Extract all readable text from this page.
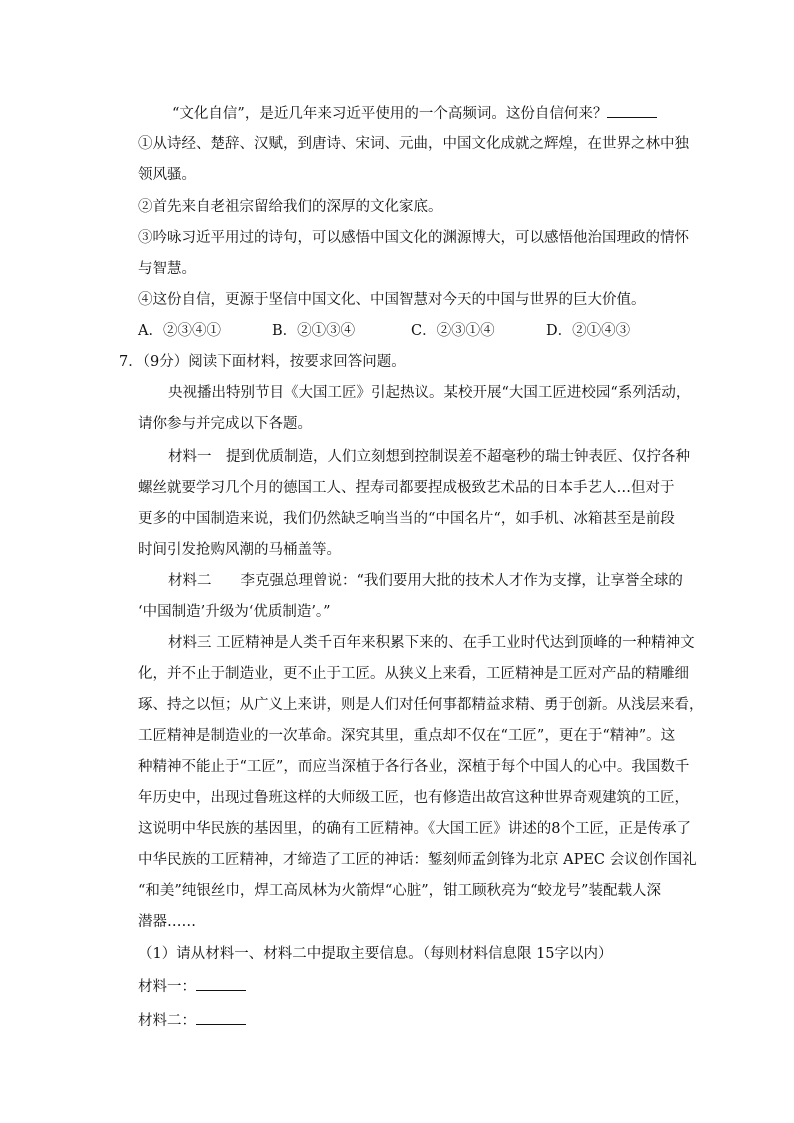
“文化自信”，是近几年来习近平使用的一个高频词。这份自信何来？
①从诗经、楚辞、汉赋，到唐诗、宋词、元曲，中国文化成就之辉煌，在世界之林中独
领风骚。
②首先来自老祖宗留给我们的深厚的文化家底。
③吟咏习近平用过的诗句，可以感悟中国文化的渊源博大，可以感悟他治国理政的情怀
与智慧。
④这份自信，更源于坚信中国文化、中国智慧对今天的中国与世界的巨大价值。
A．②③④①	B．②①③④	C．②③①④	D．②①④③
7．（9分）阅读下面材料，按要求回答问题。
央视播出特别节目《大国工匠》引起热议。某校开展“大国工匠进校园“系列活动，
请你参与并完成以下各题。
材料一　提到优质制造，人们立刻想到控制误差不超毫秒的瑞士钟表匠、仅拧各种
螺丝就要学习几个月的德国工人、捏寿司都要捏成极致艺术品的日本手艺人…但对于
更多的中国制造来说，我们仍然缺乏响当当的“中国名片“，如手机、冰箱甚至是前段
时间引发抢购风潮的马桶盖等。
材料二　　李克强总理曾说：“我们要用大批的技术人才作为支撑，让享誉全球的
‘中国制造’升级为‘优质制造’。”
材料三 工匠精神是人类千百年来积累下来的、在手工业时代达到顶峰的一种精神文
化，并不止于制造业，更不止于工匠。从狭义上来看，工匠精神是工匠对产品的精雕细
琢、持之以恒；从广义上来讲，则是人们对任何事都精益求精、勇于创新。从浅层来看，
工匠精神是制造业的一次革命。深究其里，重点却不仅在“工匠”，更在于“精神”。这
种精神不能止于“工匠”，而应当深植于各行各业，深植于每个中国人的心中。我国数千
年历史中，出现过鲁班这样的大师级工匠，也有修造出故宫这种世界奇观建筑的工匠，
这说明中华民族的基因里，的确有工匠精神。《大国工匠》讲述的8个工匠，正是传承了
中华民族的工匠精神，才缔造了工匠的神话：錾刻师孟剑锋为北京 APEC 会议创作国礼
“和美”纯银丝巾，焊工高凤林为火箭焊“心脏”，钳工顾秋亮为“蛟龙号”装配载人深
潜器……
（1）请从材料一、材料二中提取主要信息。（每则材料信息限 15字以内）
材料一：
材料二：
